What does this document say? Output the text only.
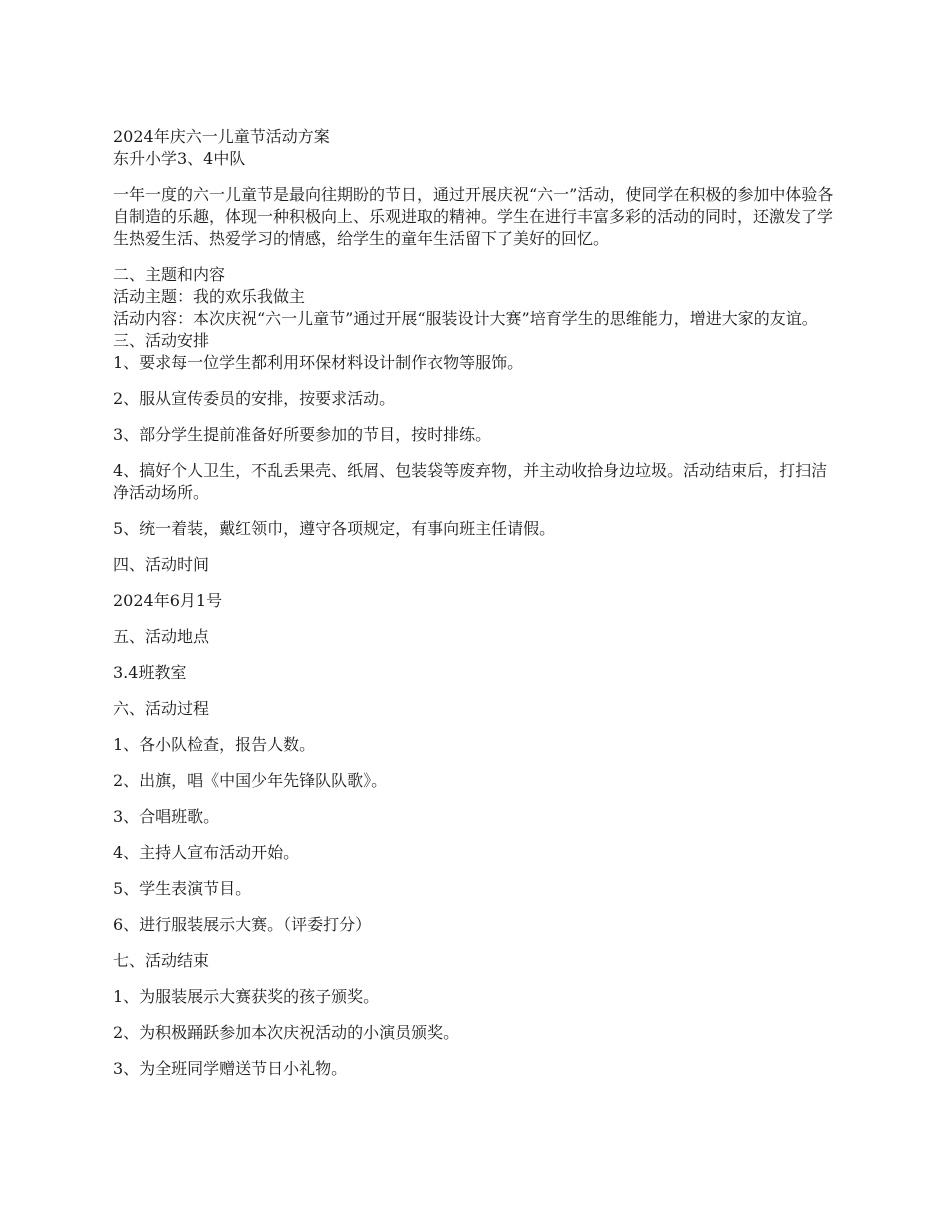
2024年庆六一儿童节活动方案

东升小学3、4中队

一年一度的六一儿童节是最向往期盼的节日，通过开展庆祝“六一”活动，使同学在积极的参加中体验各自制造的乐趣，体现一种积极向上、乐观进取的精神。学生在进行丰富多彩的活动的同时，还激发了学生热爱生活、热爱学习的情感，给学生的童年生活留下了美好的回忆。

二、主题和内容

活动主题：我的欢乐我做主

活动内容：本次庆祝“六一儿童节”通过开展“服装设计大赛”培育学生的思维能力，增进大家的友谊。

三、活动安排

1、要求每一位学生都利用环保材料设计制作衣物等服饰。

2、服从宣传委员的安排，按要求活动。

3、部分学生提前准备好所要参加的节目，按时排练。

4、搞好个人卫生，不乱丢果壳、纸屑、包装袋等废弃物，并主动收拾身边垃圾。活动结束后，打扫洁净活动场所。

5、统一着装，戴红领巾，遵守各项规定，有事向班主任请假。

四、活动时间

2024年6月1号

五、活动地点

3.4班教室

六、活动过程

1、各小队检查，报告人数。

2、出旗，唱《中国少年先锋队队歌》。

3、合唱班歌。

4、主持人宣布活动开始。

5、学生表演节目。

6、进行服装展示大赛。（评委打分）

七、活动结束

1、为服装展示大赛获奖的孩子颁奖。

2、为积极踊跃参加本次庆祝活动的小演员颁奖。

3、为全班同学赠送节日小礼物。
